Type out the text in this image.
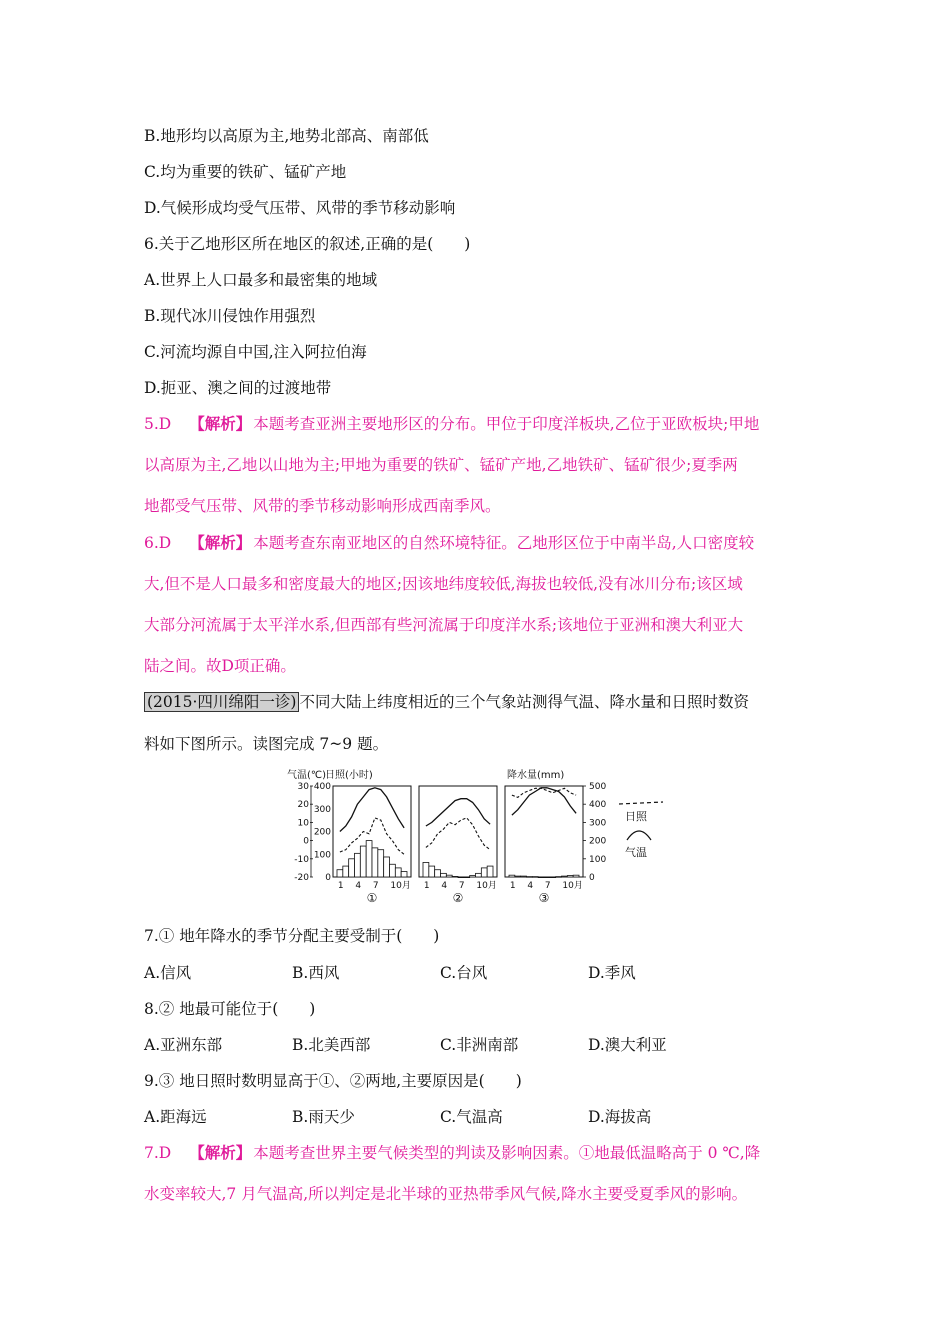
B.地形均以高原为主,地势北部高、南部低
C.均为重要的铁矿、锰矿产地
D.气候形成均受气压带、风带的季节移动影响
6.关于乙地形区所在地区的叙述,正确的是(　　)
A.世界上人口最多和最密集的地域
B.现代冰川侵蚀作用强烈
C.河流均源自中国,注入阿拉伯海
D.扼亚、澳之间的过渡地带
5.D 【解析】 本题考查亚洲主要地形区的分布。甲位于印度洋板块,乙位于亚欧板块;甲地
以高原为主,乙地以山地为主;甲地为重要的铁矿、锰矿产地,乙地铁矿、锰矿很少;夏季两
地都受气压带、风带的季节移动影响形成西南季风。
6.D 【解析】 本题考查东南亚地区的自然环境特征。乙地形区位于中南半岛,人口密度较
大,但不是人口最多和密度最大的地区;因该地纬度较低,海拔也较低,没有冰川分布;该区域
大部分河流属于太平洋水系,但西部有些河流属于印度洋水系;该地位于亚洲和澳大利亚大
陆之间。故D项正确。
(2015·四川绵阳一诊) 不同大陆上纬度相近的三个气象站测得气温、降水量和日照时数资
料如下图所示。读图完成 7~9 题。
气温(℃)
日照(小时)	降水量(mm)
30
20
10
0
-10
-20
400
300
200
100
0
500
400
300
200
100
0
1 4 7 10月
①
1 4 7 10月
②
1 4 7 10月
③
日照
气温
7.① 地年降水的季节分配主要受制于(　　)
A.信风	B.西风	C.台风	D.季风
8.② 地最可能位于(　　)
A.亚洲东部	B.北美西部	C.非洲南部	D.澳大利亚
9.③ 地日照时数明显高于①、②两地,主要原因是(　　)
A.距海远	B.雨天少	C.气温高	D.海拔高
7.D 【解析】 本题考查世界主要气候类型的判读及影响因素。①地最低温略高于 0 ℃,降
水变率较大,7 月气温高,所以判定是北半球的亚热带季风气候,降水主要受夏季风的影响。
